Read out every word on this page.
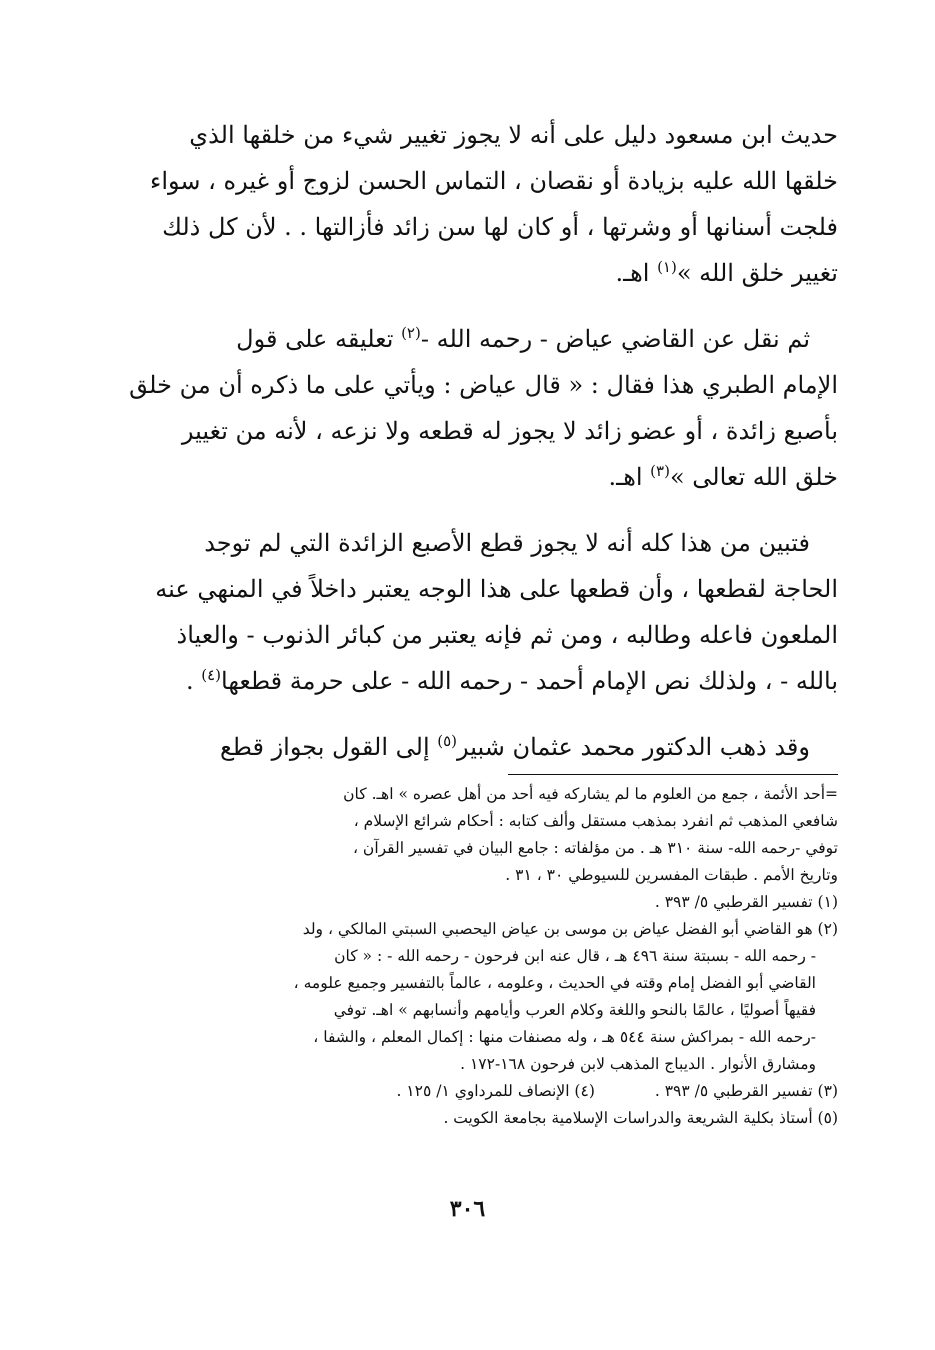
حديث ابن مسعود دليل على أنه لا يجوز تغيير شيء من خلقها الذي

خلقها الله عليه بزيادة أو نقصان ، التماس الحسن لزوج أو غيره ، سواء

فلجت أسنانها أو وشرتها ، أو كان لها سن زائد فأزالتها . . لأن كل ذلك

تغيير خلق الله »$^{(١)}$ اهـ.

ثم نقل عن القاضي عياض - رحمه الله -$^{(٢)}$ تعليقه على قول

الإمام الطبري هذا فقال : « قال عياض : ويأتي على ما ذكره أن من خلق

بأصبع زائدة ، أو عضو زائد لا يجوز له قطعه ولا نزعه ، لأنه من تغيير

خلق الله تعالى »$^{(٣)}$ اهـ.

فتبين من هذا كله أنه لا يجوز قطع الأصبع الزائدة التي لم توجد

الحاجة لقطعها ، وأن قطعها على هذا الوجه يعتبر داخلاً في المنهي عنه

الملعون فاعله وطالبه ، ومن ثم فإنه يعتبر من كبائر الذنوب - والعياذ

بالله - ، ولذلك نص الإمام أحمد - رحمه الله - على حرمة قطعها$^{(٤)}$ .

وقد ذهب الدكتور محمد عثمان شبير$^{(٥)}$ إلى القول بجواز قطع

=أحد الأئمة ، جمع من العلوم ما لم يشاركه فيه أحد من أهل عصره » اهـ. كان

شافعي المذهب ثم انفرد بمذهب مستقل وألف كتابه : أحكام شرائع الإسلام ،

توفي -رحمه الله- سنة ٣١٠ هـ . من مؤلفاته : جامع البيان في تفسير القرآن ،

وتاريخ الأمم . طبقات المفسرين للسيوطي ٣٠ ، ٣١ .

(١) تفسير القرطبي ٥/ ٣٩٣ .

(٢) هو القاضي أبو الفضل عياض بن موسى بن عياض اليحصبي السبتي المالكي ، ولد

- رحمه الله - بسبتة سنة ٤٩٦ هـ ، قال عنه ابن فرحون - رحمه الله - : « كان

القاضي أبو الفضل إمام وقته في الحديث ، وعلومه ، عالماً بالتفسير وجميع علومه ،

فقيهاً أصوليًا ، عالمًا بالنحو واللغة وكلام العرب وأيامهم وأنسابهم » اهـ. توفي

-رحمه الله - بمراكش سنة ٥٤٤ هـ ، وله مصنفات منها : إكمال المعلم ، والشفا ،

ومشارق الأنوار . الديباج المذهب لابن فرحون ١٦٨-١٧٢ .

(٣) تفسير القرطبي ٥/ ٣٩٣ .
(٤) الإنصاف للمرداوي ١/ ١٢٥ .

(٥) أستاذ بكلية الشريعة والدراسات الإسلامية بجامعة الكويت .

٣٠٦
